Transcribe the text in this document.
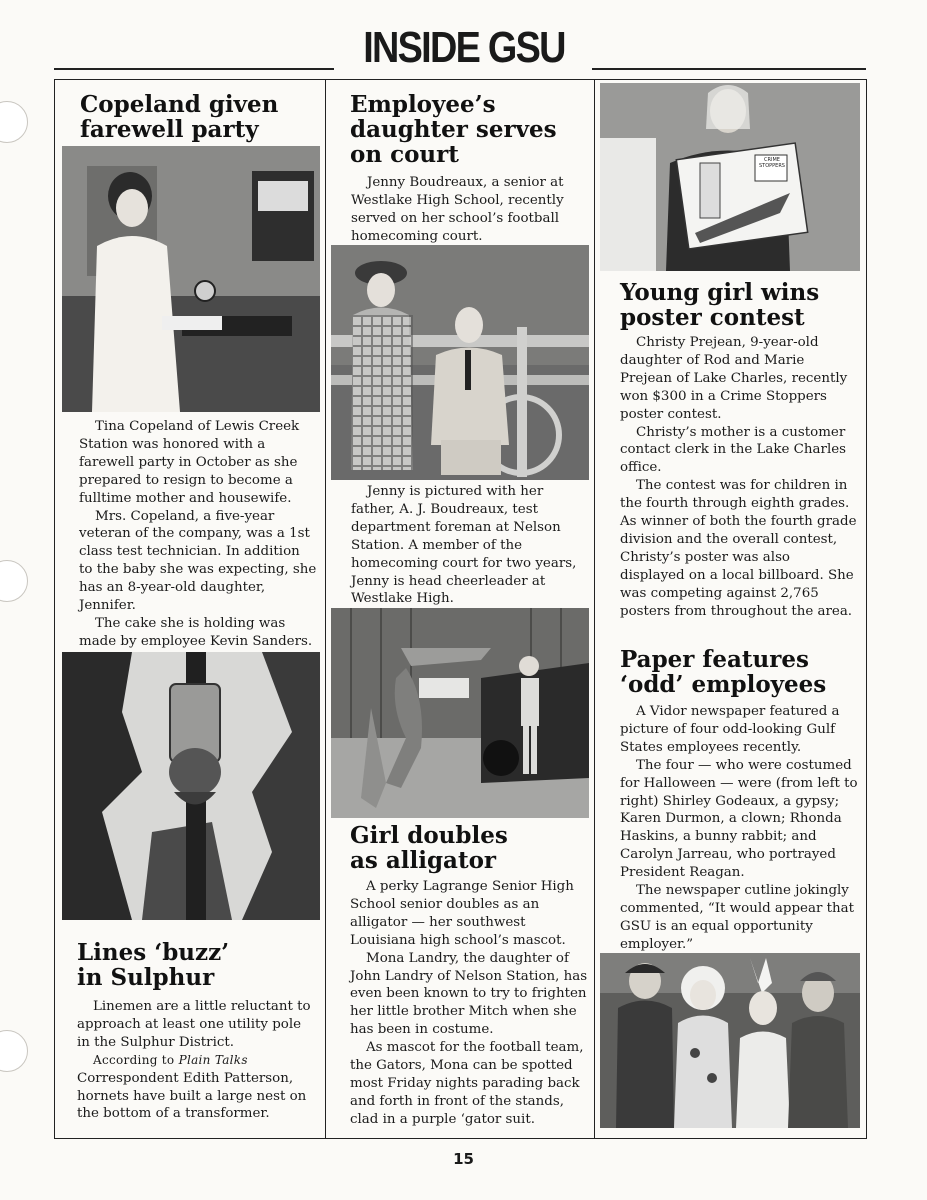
INSIDE GSU
Copeland given
farewell party

Tina Copeland of Lewis Creek Station was honored with a farewell party in October as she prepared to resign to become a fulltime mother and housewife.

Mrs. Copeland, a five-year veteran of the company, was a 1st class test technician. In addition to the baby she was expecting, she has an 8-year-old daughter, Jennifer.

The cake she is holding was made by employee Kevin Sanders.

Lines ‘buzz’
in Sulphur

Linemen are a little reluctant to approach at least one utility pole in the Sulphur District.

According to Plain Talks Correspondent Edith Patterson, hornets have built a large nest on the bottom of a transformer.

Employee’s
daughter serves
on court

Jenny Boudreaux, a senior at Westlake High School, recently served on her school’s football homecoming court.

Jenny is pictured with her father, A. J. Boudreaux, test department foreman at Nelson Station. A member of the homecoming court for two years, Jenny is head cheerleader at Westlake High.

Girl doubles
as alligator

A perky Lagrange Senior High School senior doubles as an alligator — her southwest Louisiana high school’s mascot.

Mona Landry, the daughter of John Landry of Nelson Station, has even been known to try to frighten her little brother Mitch when she has been in costume.

As mascot for the football team, the Gators, Mona can be spotted most Friday nights parading back and forth in front of the stands, clad in a purple ‘gator suit.

CRIME STOPPERS
Young girl wins
poster contest

Christy Prejean, 9-year-old daughter of Rod and Marie Prejean of Lake Charles, recently won $300 in a Crime Stoppers poster contest.

Christy’s mother is a customer contact clerk in the Lake Charles office.

The contest was for children in the fourth through eighth grades. As winner of both the fourth grade division and the overall contest, Christy’s poster was also displayed on a local billboard. She was competing against 2,765 posters from throughout the area.

Paper features
‘odd’ employees

A Vidor newspaper featured a picture of four odd-looking Gulf States employees recently.

The four — who were costumed for Halloween — were (from left to right) Shirley Godeaux, a gypsy; Karen Durmon, a clown; Rhonda Haskins, a bunny rabbit; and Carolyn Jarreau, who portrayed President Reagan.

The newspaper cutline jokingly commented, “It would appear that GSU is an equal opportunity employer.”

15
